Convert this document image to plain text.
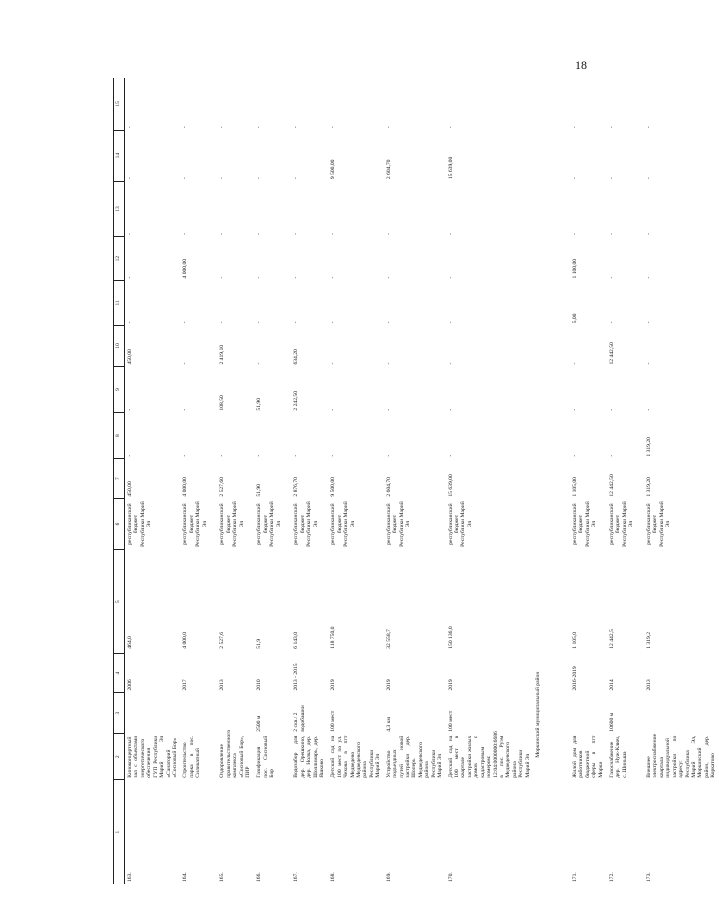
18
1	2	3	4	5	6	7	8	9	10	11	12	13	14	15
163.	Киноконцертный зал с объектами энергетического обеспечения ГУП Республики Марий Эл «Санаторий «Сосновый Бор»		2006	464,0	республиканский бюджет Республики Марий Эл	450,00	-	-	450,00	-	-	-	-	-
164.	Строительство парка в пос. Силикатный		2017	4 000,0	республиканский бюджет Республики Марий Эл	4 000,00	-	-	-	-	4 000,00	-	-	-
165.	Оздоровление правительственного комплекса «Сосновый Бор», ПИР		2013	2 527,6	республиканский бюджет Республики Марий Эл	2 527,60	-	108,50	2 419,10	-	-	-	-	-
166.	Газификация пос. Сосновый Бор	2500 м	2010	51,9	республиканский бюджет Республики Марий Эл	51,90	-	51,90	-	-	-	-	-	-
167.	Водозабор для дер. Орешкино, дер. Нолка, дер. Шоллимарь, дер. Яшково	2 скв./ 2 водобашни	2013 - 2015	6 143,0	республиканский бюджет Республики Марий Эл	2 876,70	-	2 242,50	634,20	-	-	-	-	-
168.	Детский сад на 100 мест по ул. Чехова в пгт Медведево Медведевского района Республики Марий Эл	100 мест	2019	118 750,0	республиканский бюджет Республики Марий Эл	9 500,00	-	-	-	-	-	-	9 500,00	-
169.	Устройство подъездных путей новой застройки дер. Шоперь Медведевского района Республики Марий Эл	4,3 км	2019	32 558,7	республиканский бюджет Республики Марий Эл	2 604,70	-	-	-	-	-	-	2 604,70	-
170.	Детский сад на 100 мест в квартале застройки жилых домов с кадастровым номером: 12:04:0000000:6686 в пос. Руэм Медведевского района Республики Марий Эл	100 мест	2019	150 136,0	республиканский бюджет Республики Марий Эл	15 639,00	-	-	-	-	-	-	15 639,00	-
	Моркинский муниципальный район													
171.	Жилой дом для работников бюджетной сферы в пгт Морки		2016-2019	1 105,0	республиканский бюджет Республики Марий Эл	1 105,00	-	-	-	5,00	1 100,00	-	-	-
172.	Газоснабжение дер. Нуж-Ключ, с. Шиньша	10600 м	2014	12 442,5	республиканский бюджет Республики Марий Эл	12 442,50	-	-	12 442,50	-	-	-	-	-
173.	Внешнее электроснабжение квартала индивидуальной застройки по адресу: Республика Марий Эл, Моркинский район, дер. Коркатово		2013	1 319,2	республиканский бюджет Республики Марий Эл	1 319,20	1 319,20	-	-	-	-	-	-	-
